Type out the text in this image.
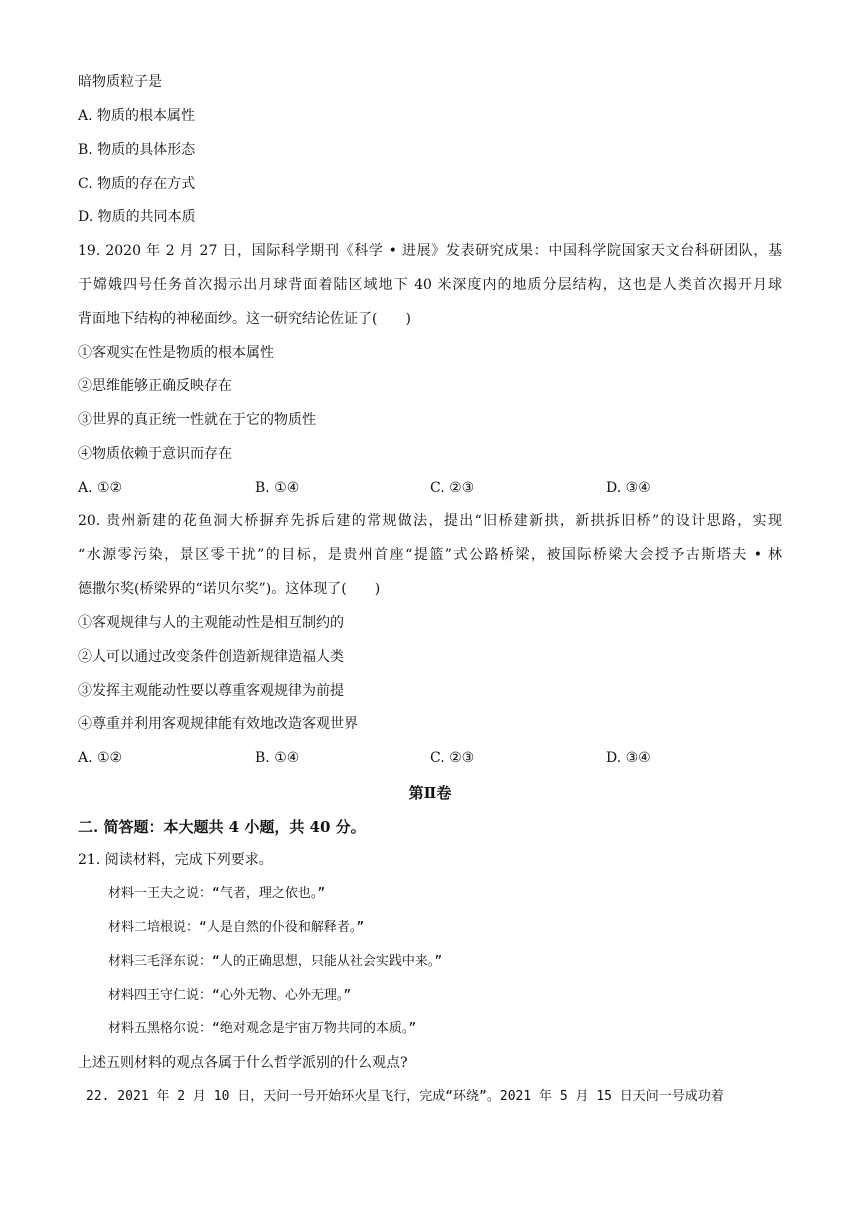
暗物质粒子是
A. 物质的根本属性
B. 物质的具体形态
C. 物质的存在方式
D. 物质的共同本质
19. 2020 年 2 月 27 日，国际科学期刊《科学 • 进展》发表研究成果：中国科学院国家天文台科研团队，基
于嫦娥四号任务首次揭示出月球背面着陆区域地下 40 米深度内的地质分层结构，这也是人类首次揭开月球
背面地下结构的神秘面纱。这一研究结论佐证了(　　)
①客观实在性是物质的根本属性
②思维能够正确反映存在
③世界的真正统一性就在于它的物质性
④物质依赖于意识而存在
A. ①②	B. ①④	C. ②③	D. ③④
20. 贵州新建的花鱼洞大桥摒弃先拆后建的常规做法，提出“旧桥建新拱，新拱拆旧桥”的设计思路，实现
“水源零污染，景区零干扰”的目标，是贵州首座“提篮”式公路桥梁，被国际桥梁大会授予古斯塔夫 • 林
德撒尔奖(桥梁界的“诺贝尔奖”)。这体现了(　　)
①客观规律与人的主观能动性是相互制约的
②人可以通过改变条件创造新规律造福人类
③发挥主观能动性要以尊重客观规律为前提
④尊重并利用客观规律能有效地改造客观世界
A. ①②	B. ①④	C. ②③	D. ③④
第Ⅱ卷
二. 简答题：本大题共 4 小题，共 40 分。
21. 阅读材料，完成下列要求。
材料一王夫之说：“气者，理之依也。”
材料二培根说：“人是自然的仆役和解释者。”
材料三毛泽东说：“人的正确思想，只能从社会实践中来。”
材料四王守仁说：“心外无物、心外无理。”
材料五黑格尔说：“绝对观念是宇宙万物共同的本质。”
上述五则材料的观点各属于什么哲学派别的什么观点?
22. 2021 年 2 月 10 日，天问一号开始环火星飞行，完成“环绕”。2021 年 5 月 15 日天问一号成功着
